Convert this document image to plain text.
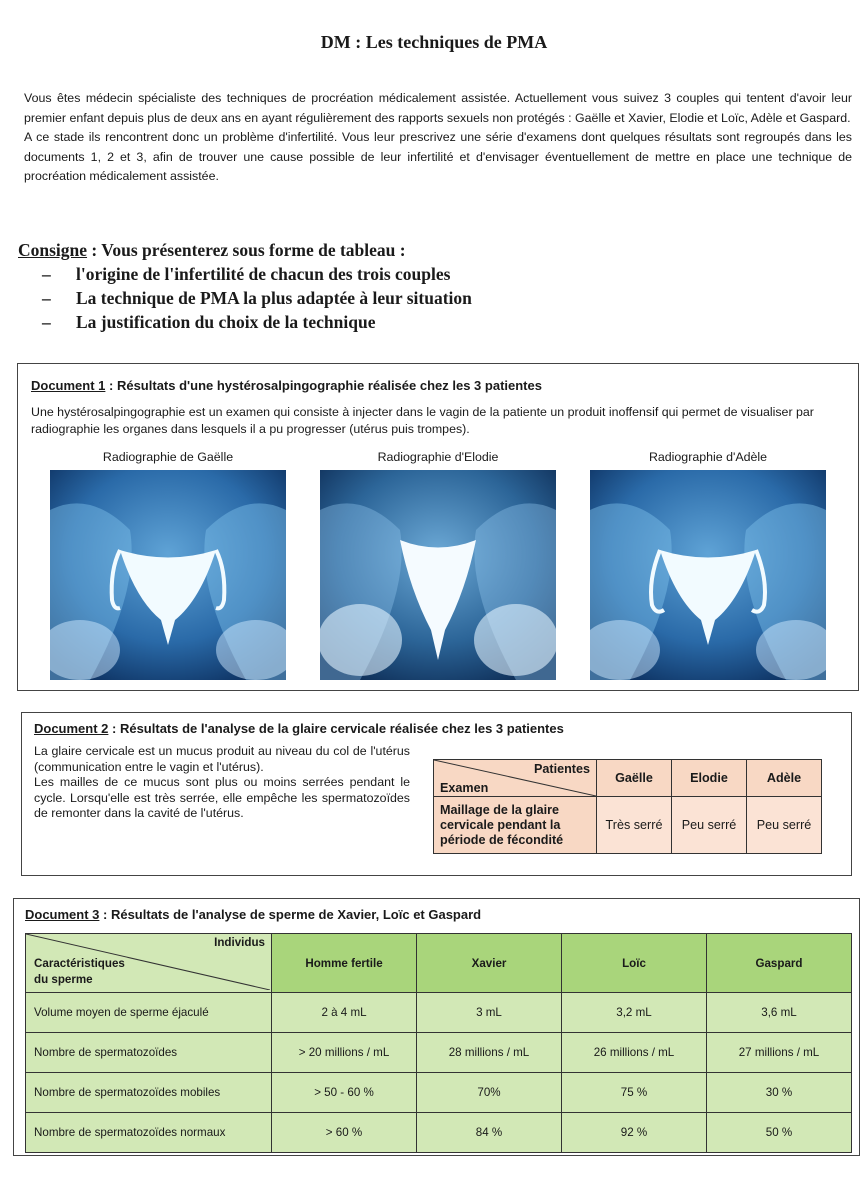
DM : Les techniques de PMA

Vous êtes médecin spécialiste des techniques de procréation médicalement assistée. Actuellement vous suivez 3 couples qui tentent d'avoir leur premier enfant depuis plus de deux ans en ayant régulièrement des rapports sexuels non protégés : Gaëlle et Xavier, Elodie et Loïc, Adèle et Gaspard.

A ce stade ils rencontrent donc un problème d'infertilité. Vous leur prescrivez une série d'examens dont quelques résultats sont regroupés dans les documents 1, 2 et 3, afin de trouver une cause possible de leur infertilité et d'envisager éventuellement de mettre en place une technique de procréation médicalement assistée.

Consigne : Vous présenterez sous forme de tableau :
– l'origine de l'infertilité de chacun des trois couples
– La technique de PMA la plus adaptée à leur situation
– La justification du choix de la technique
Document 1 : Résultats d'une hystérosalpingographie réalisée chez les 3 patientes
Une hystérosalpingographie est un examen qui consiste à injecter dans le vagin de la patiente un produit inoffensif qui permet de visualiser par radiographie les organes dans lesquels il a pu progresser (utérus puis trompes).
Radiographie de Gaëlle	Radiographie d'Elodie	Radiographie d'Adèle
Document 2 : Résultats de l'analyse de la glaire cervicale réalisée chez les 3 patientes

La glaire cervicale est un mucus produit au niveau du col de l'utérus (communication entre le vagin et l'utérus).

Les mailles de ce mucus sont plus ou moins serrées pendant le cycle. Lorsqu'elle est très serrée, elle empêche les spermatozoïdes de remonter dans la cavité de l'utérus.

Patientes
Examen	Gaëlle	Elodie	Adèle
Maillage de la glaire cervicale pendant la période de fécondité	Très serré	Peu serré	Peu serré
Document 3 : Résultats de l'analyse de sperme de Xavier, Loïc et Gaspard
Individus
Caractéristiques
du sperme	Homme fertile	Xavier	Loïc	Gaspard
Volume moyen de sperme éjaculé	2 à 4 mL	3 mL	3,2 mL	3,6 mL
Nombre de spermatozoïdes	> 20 millions / mL	28 millions / mL	26 millions / mL	27 millions / mL
Nombre de spermatozoïdes mobiles	> 50 - 60 %	70%	75 %	30 %
Nombre de spermatozoïdes normaux	> 60 %	84 %	92 %	50 %
